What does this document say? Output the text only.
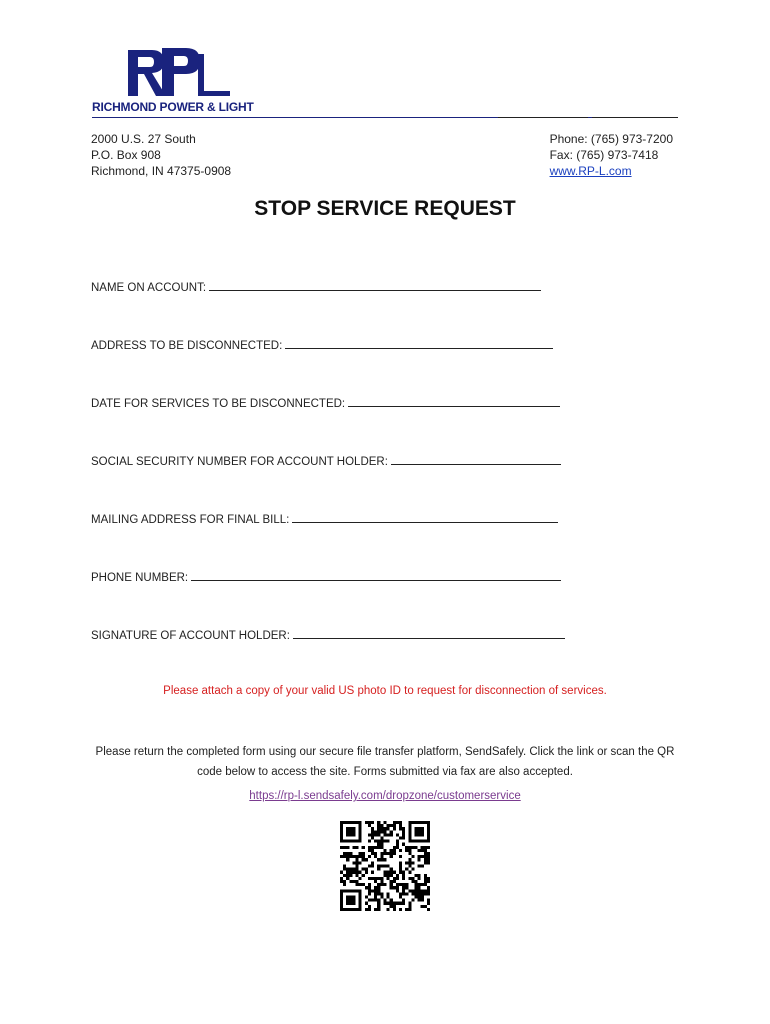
RICHMOND POWER & LIGHT
2000 U.S. 27 South
P.O. Box 908
Richmond, IN 47375-0908
Phone: (765) 973-7200
Fax: (765) 973-7418
www.RP-L.com
STOP SERVICE REQUEST
NAME ON ACCOUNT:
ADDRESS TO BE DISCONNECTED:
DATE FOR SERVICES TO BE DISCONNECTED:
SOCIAL SECURITY NUMBER FOR ACCOUNT HOLDER:
MAILING ADDRESS FOR FINAL BILL:
PHONE NUMBER:
SIGNATURE OF ACCOUNT HOLDER:
Please attach a copy of your valid US photo ID to request for disconnection of services.
Please return the completed form using our secure file transfer platform, SendSafely. Click the link or scan the QR code below to access the site. Forms submitted via fax are also accepted.
https://rp-l.sendsafely.com/dropzone/customerservice
